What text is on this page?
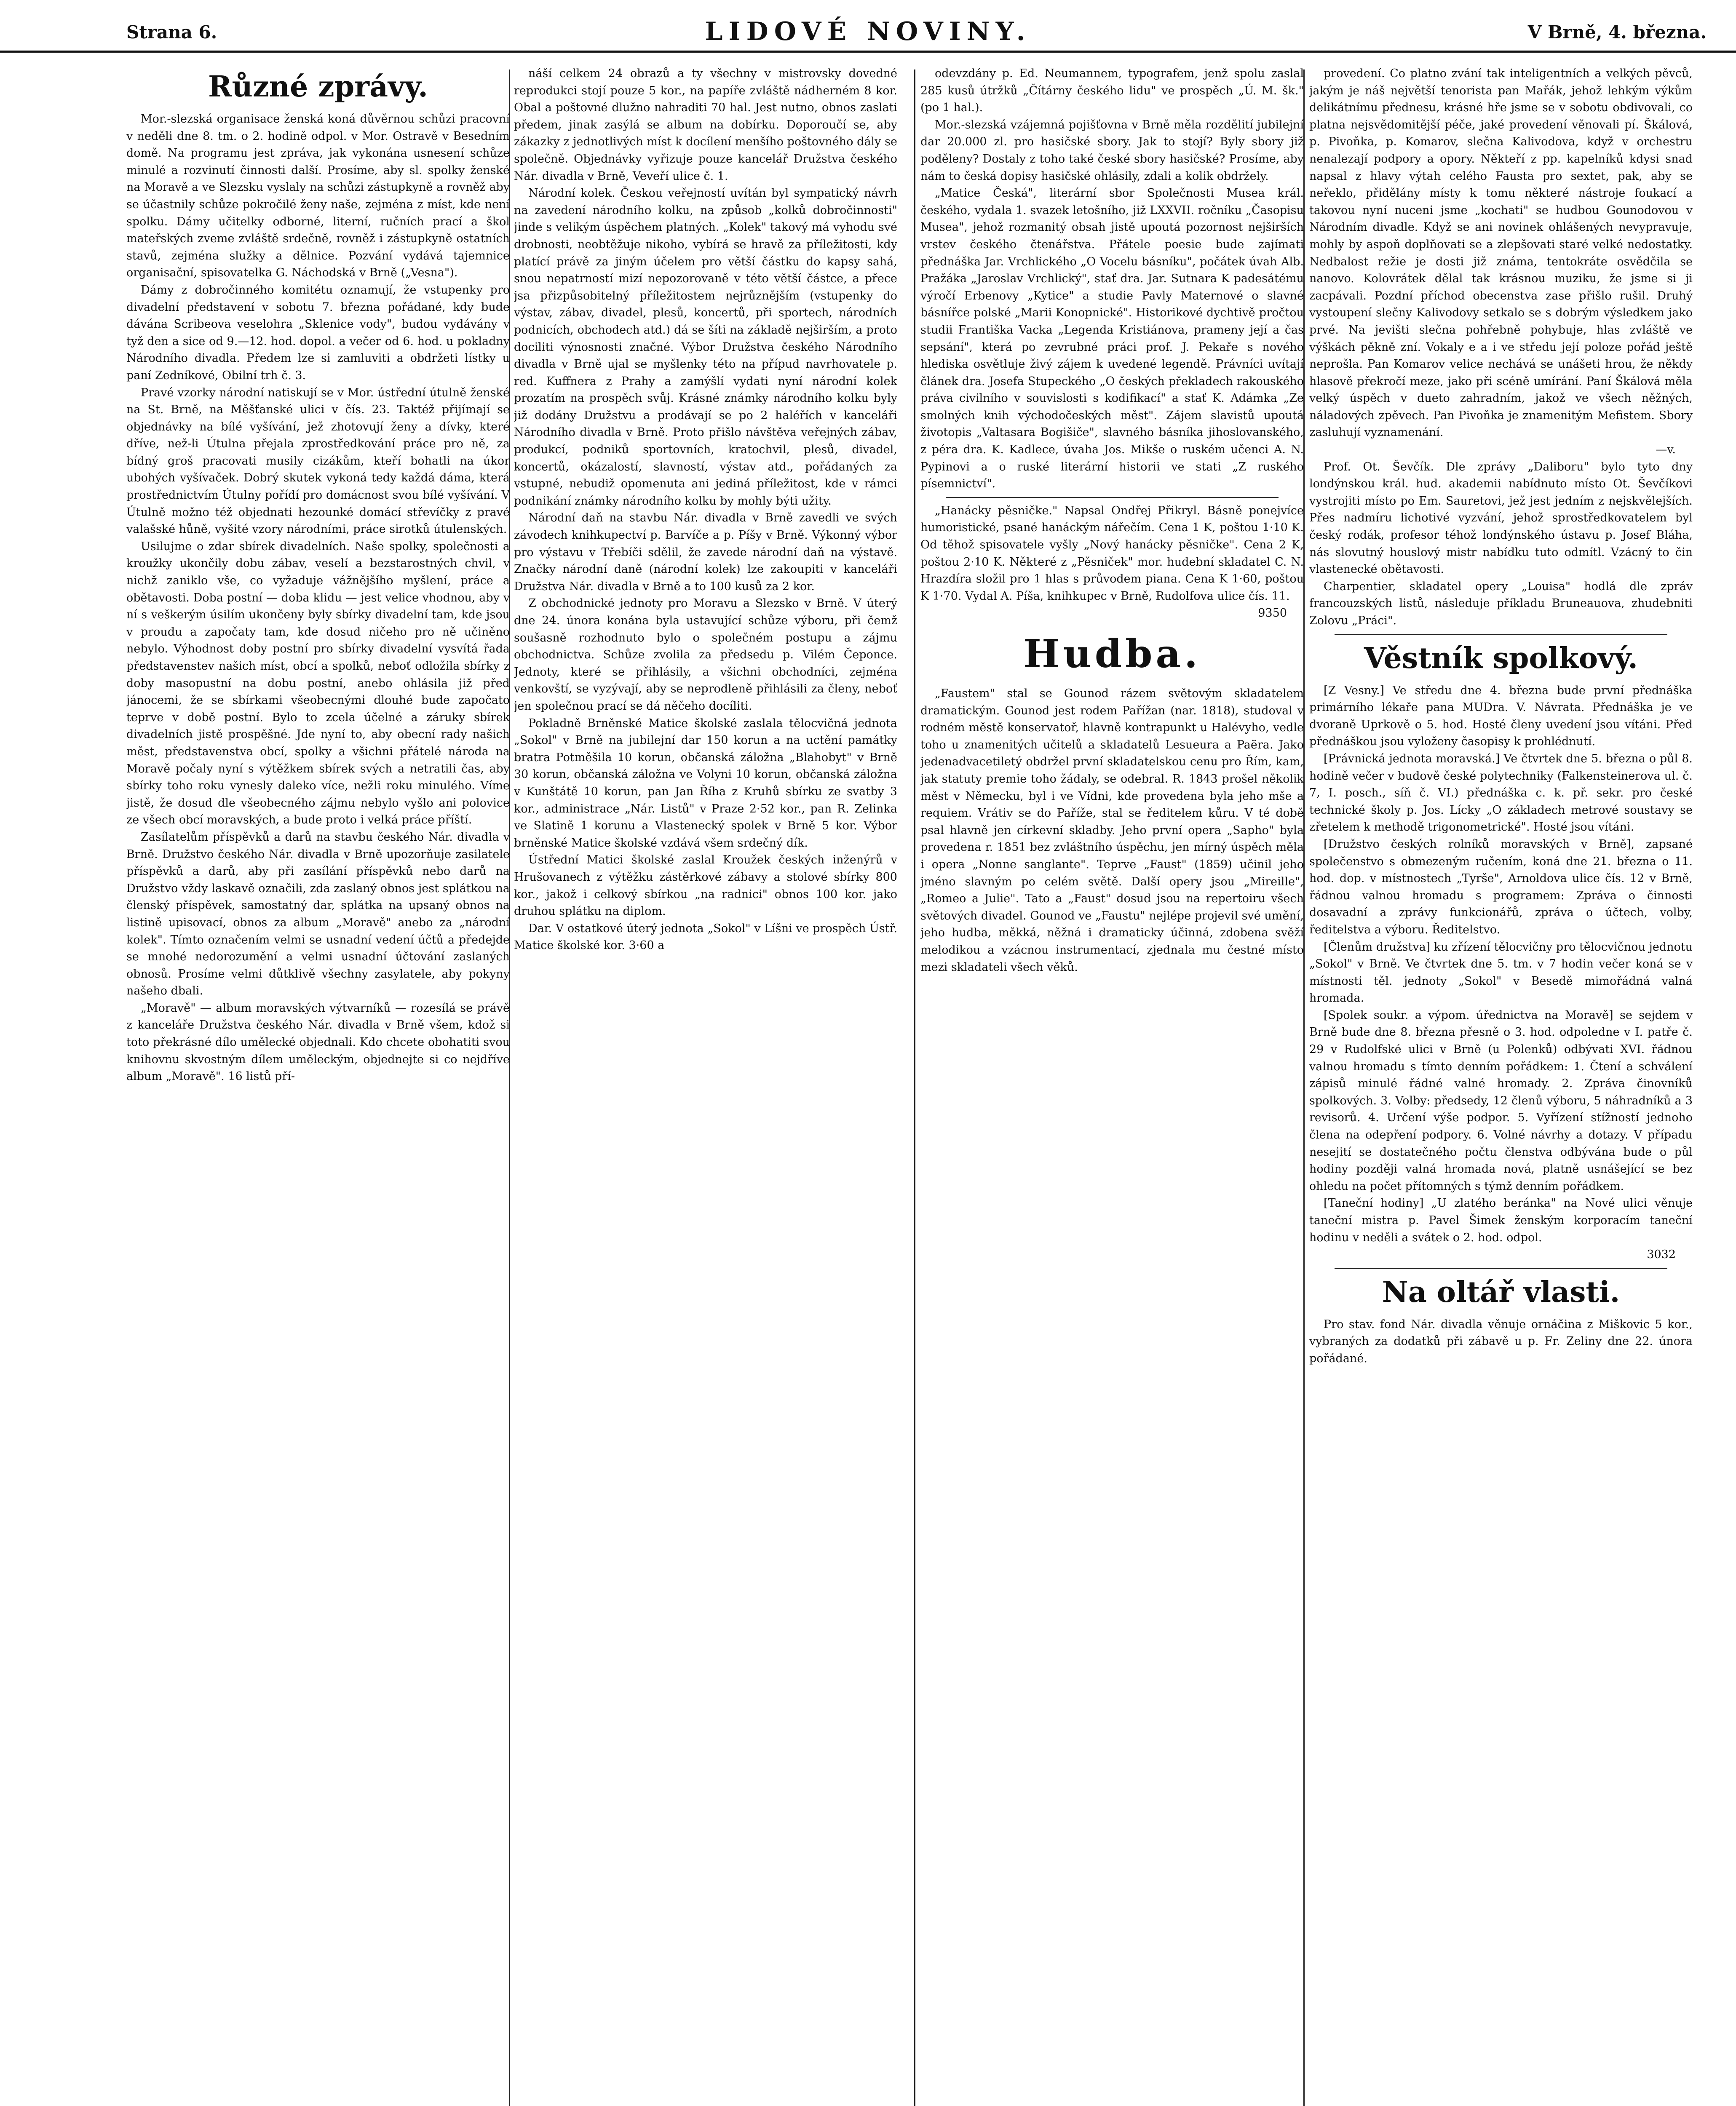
Strana 6.	LIDOVÉ NOVINY.	V Brně, 4. března.
Různé zprávy.

Mor.-slezská organisace ženská koná důvěrnou schůzi pracovní v neděli dne 8. tm. o 2. hodině odpol. v Mor. Ostravě v Besedním domě. Na programu jest zpráva, jak vykonána usnesení schůze minulé a rozvinutí činnosti další. Prosíme, aby sl. spolky ženské na Moravě a ve Slezsku vyslaly na schůzi zástupkyně a rovněž aby se účastnily schůze pokročilé ženy naše, zejména z míst, kde není spolku. Dámy učitelky odborné, literní, ručních prací a škol mateřských zveme zvláště srdečně, rovněž i zástupkyně ostatních stavů, zejména služky a dělnice. Pozvání vydává tajemnice organisační, spisovatelka G. Náchodská v Brně („Vesna").

Dámy z dobročinného komitétu oznamují, že vstupenky pro divadelní představení v sobotu 7. března pořádané, kdy bude dávána Scribeova veselohra „Sklenice vody", budou vydávány v tyž den a sice od 9.—12. hod. dopol. a večer od 6. hod. u pokladny Národního divadla. Předem lze si zamluviti a obdržeti lístky u paní Zedníkové, Obilní trh č. 3.

Pravé vzorky národní natiskují se v Mor. ústřední útulně ženské na St. Brně, na Měšťanské ulici v čís. 23. Taktéž přijímají se objednávky na bílé vyšívání, jež zhotovují ženy a dívky, které dříve, než-li Útulna přejala zprostředkování práce pro ně, za bídný groš pracovati musily cizákům, kteří bohatli na úkor ubohých vyšívaček. Dobrý skutek vykoná tedy každá dáma, která prostřednictvím Útulny pořídí pro domácnost svou bílé vyšívání. V Útulně možno též objednati hezounké domácí střevíčky z pravé valašské hůně, vyšité vzory národními, práce sirotků útulenských.

Usilujme o zdar sbírek divadelních. Naše spolky, společnosti a kroužky ukončily dobu zábav, veselí a bezstarostných chvil, v nichž zaniklo vše, co vyžaduje vážnějšího myšlení, práce a obětavosti. Doba postní — doba klidu — jest velice vhodnou, aby v ní s veškerým úsilím ukončeny byly sbírky divadelní tam, kde jsou v proudu a započaty tam, kde dosud ničeho pro ně učiněno nebylo. Výhodnost doby postní pro sbírky divadelní vysvítá řada představenstev našich míst, obcí a spolků, neboť odložila sbírky z doby masopustní na dobu postní, anebo ohlásila již před jánocemi, že se sbírkami všeobecnými dlouhé bude započato teprve v době postní. Bylo to zcela účelné a záruky sbírek divadelních jistě prospěšné. Jde nyní to, aby obecní rady našich měst, představenstva obcí, spolky a všichni přátelé národa na Moravě počaly nyní s výtěžkem sbírek svých a netratili čas, aby sbírky toho roku vynesly daleko více, nežli roku minulého. Víme jistě, že dosud dle všeobecného zájmu nebylo vyšlo ani polovice ze všech obcí moravských, a bude proto i velká práce příští.

Zasílatelům příspěvků a darů na stavbu českého Nár. divadla v Brně. Družstvo českého Nár. divadla v Brně upozorňuje zasilatele příspěvků a darů, aby při zasílání příspěvků nebo darů na Družstvo vždy laskavě označili, zda zaslaný obnos jest splátkou na členský příspěvek, samostatný dar, splátka na upsaný obnos na listině upisovací, obnos za album „Moravě" anebo za „národní kolek". Tímto označením velmi se usnadní vedení účtů a předejde se mnohé nedorozumění a velmi usnadní účtování zaslaných obnosů. Prosíme velmi důtklivě všechny zasylatele, aby pokyny našeho dbali.

„Moravě" — album moravských výtvarníků — rozesílá se právě z kanceláře Družstva českého Nár. divadla v Brně všem, kdož si toto překrásné dílo umělecké objednali. Kdo chcete obohatiti svou knihovnu skvostným dílem uměleckým, objednejte si co nejdříve album „Moravě". 16 listů pří-

náší celkem 24 obrazů a ty všechny v mistrovsky dovedné reprodukci stojí pouze 5 kor., na papíře zvláště nádherném 8 kor. Obal a poštovné dlužno nahraditi 70 hal. Jest nutno, obnos zaslati předem, jinak zasýlá se album na dobírku. Doporoučí se, aby zákazky z jednotlivých míst k docílení menšího poštovného dály se společně. Objednávky vyřizuje pouze kancelář Družstva českého Nár. divadla v Brně, Veveří ulice č. 1.

Národní kolek. Českou veřejností uvítán byl sympatický návrh na zavedení národního kolku, na způsob „kolků dobročinnosti" jinde s velikým úspěchem platných. „Kolek" takový má vyhodu své drobnosti, neobtěžuje nikoho, vybírá se hravě za příležitosti, kdy platící právě za jiným účelem pro větší částku do kapsy sahá, snou nepatrností mizí nepozorovaně v této větší částce, a přece jsa přizpůsobitelný příležitostem nejrůznějším (vstupenky do výstav, zábav, divadel, plesů, koncertů, při sportech, národních podnicích, obchodech atd.) dá se šíti na základě nejširším, a proto dociliti výnosnosti značné. Výbor Družstva českého Národního divadla v Brně ujal se myšlenky této na přípud navrhovatele p. red. Kuffnera z Prahy a zamýšlí vydati nyní národní kolek prozatím na prospěch svůj. Krásné známky národního kolku byly již dodány Družstvu a prodávají se po 2 haléřích v kanceláři Národního divadla v Brně. Proto přišlo návštěva veřejných zábav, produkcí, podniků sportovních, kratochvil, plesů, divadel, koncertů, okázalostí, slavností, výstav atd., pořádaných za vstupné, nebudiž opomenuta ani jediná příležitost, kde v rámci podnikání známky národního kolku by mohly býti užity.

Národní daň na stavbu Nár. divadla v Brně zavedli ve svých závodech knihkupectví p. Barvíče a p. Píšy v Brně. Výkonný výbor pro výstavu v Třebíči sdělil, že zavede národní daň na výstavě. Značky národní daně (národní kolek) lze zakoupiti v kanceláři Družstva Nár. divadla v Brně a to 100 kusů za 2 kor.

Z obchodnické jednoty pro Moravu a Slezsko v Brně. V úterý dne 24. února konána byla ustavující schůze výboru, při čemž soušasně rozhodnuto bylo o společném postupu a zájmu obchodnictva. Schůze zvolila za předsedu p. Vilém Čeponce. Jednoty, které se přihlásily, a všichni obchodníci, zejména venkovští, se vyzývají, aby se neprodleně přihlásili za členy, neboť jen společnou prací se dá něčeho docíliti.

Pokladně Brněnské Matice školské zaslala tělocvičná jednota „Sokol" v Brně na jubilejní dar 150 korun a na uctění památky bratra Potměšila 10 korun, občanská záložna „Blahobyt" v Brně 30 korun, občanská záložna ve Volyni 10 korun, občanská záložna v Kunštátě 10 korun, pan Jan Říha z Kruhů sbírku ze svatby 3 kor., administrace „Nár. Listů" v Praze 2·52 kor., pan R. Zelinka ve Slatině 1 korunu a Vlastenecký spolek v Brně 5 kor. Výbor brněnské Matice školské vzdává všem srdečný dík.

Ústřední Matici školské zaslal Kroužek českých inženýrů v Hrušovanech z výtěžku zástěrkové zábavy a stolové sbírky 800 kor., jakož i celkový sbírkou „na radnici" obnos 100 kor. jako druhou splátku na diplom.

Dar. V ostatkové úterý jednota „Sokol" v Líšni ve prospěch Ústř. Matice školské kor. 3·60 a

odevzdány p. Ed. Neumannem, typografem, jenž spolu zaslal 285 kusů útržků „Čítárny českého lidu" ve prospěch „Ú. M. šk." (po 1 hal.).

Mor.-slezská vzájemná pojišťovna v Brně měla rozdělití jubilejní dar 20.000 zl. pro hasičské sbory. Jak to stojí? Byly sbory již poděleny? Dostaly z toho také české sbory hasičské? Prosíme, aby nám to česká dopisy hasičské ohlásily, zdali a kolik obdržely.

„Matice Česká", literární sbor Společnosti Musea král. českého, vydala 1. svazek letošního, již LXXVII. ročníku „Časopisu Musea", jehož rozmanitý obsah jistě upoutá pozornost nejširších vrstev českého čtenářstva. Přátele poesie bude zajímati přednáška Jar. Vrchlického „O Vocelu básníku", počátek úvah Alb. Pražáka „Jaroslav Vrchlický", stať dra. Jar. Sutnara K padesátému výročí Erbenovy „Kytice" a studie Pavly Maternové o slavné básnířce polské „Marii Konopnické". Historikové dychtivě pročtou studii Františka Vacka „Legenda Kristiánova, prameny její a čas sepsání", která po zevrubné práci prof. J. Pekaře s nového hlediska osvětluje živý zájem k uvedené legendě. Právníci uvítají článek dra. Josefa Stupeckého „O českých překladech rakouského práva civilního v souvislosti s kodifikací" a stať K. Adámka „Ze smolných knih východočeských měst". Zájem slavistů upoutá životopis „Valtasara Bogišiče", slavného básníka jihoslovanského, z péra dra. K. Kadlece, úvaha Jos. Mikše o ruském učenci A. N. Pypinovi a o ruské literární historii ve stati „Z ruského písemnictví".

„Hanácky pěsničke." Napsal Ondřej Přikryl. Básně ponejvíce humoristické, psané hanáckým nářečím. Cena 1 K, poštou 1·10 K. Od těhož spisovatele vyšly „Nový hanácky pěsničke". Cena 2 K, poštou 2·10 K. Některé z „Pěsniček" mor. hudební skladatel C. N. Hrazdíra složil pro 1 hlas s průvodem piana. Cena K 1·60, poštou K 1·70. Vydal A. Píša, knihkupec v Brně, Rudolfova ulice čís. 11.

9350
Hudba.

„Faustem" stal se Gounod rázem světovým skladatelem dramatickým. Gounod jest rodem Pařížan (nar. 1818), studoval v rodném městě konservatoř, hlavně kontrapunkt u Halévyho, vedle toho u znamenitých učitelů a skladatelů Lesueura a Paëra. Jako jedenadvacetiletý obdržel první skladatelskou cenu pro Řím, kam, jak statuty premie toho žádaly, se odebral. R. 1843 prošel několik měst v Německu, byl i ve Vídni, kde provedena byla jeho mše a requiem. Vrátiv se do Paříže, stal se ředitelem kůru. V té době psal hlavně jen církevní skladby. Jeho první opera „Sapho" byla provedena r. 1851 bez zvláštního úspěchu, jen mírný úspěch měla i opera „Nonne sanglante". Teprve „Faust" (1859) učinil jeho jméno slavným po celém světě. Další opery jsou „Mireille", „Romeo a Julie". Tato a „Faust" dosud jsou na repertoiru všech světových divadel. Gounod ve „Faustu" nejlépe projevil své umění, jeho hudba, měkká, něžná i dramaticky účinná, zdobena svěží melodikou a vzácnou instrumentací, zjednala mu čestné místo mezi skladateli všech věků.

provedení. Co platno zvání tak inteligentních a velkých pěvců, jakým je náš největší tenorista pan Mařák, jehož lehkým výkům delikátnímu přednesu, krásné hře jsme se v sobotu obdivovali, co platna nejsvědomitější péče, jaké provedení věnovali pí. Škálová, p. Pivoňka, p. Komarov, slečna Kalivodova, když v orchestru nenalezají podpory a opory. Někteří z pp. kapelníků kdysi snad napsal z hlavy výtah celého Fausta pro sextet, pak, aby se neřeklo, přidělány místy k tomu některé nástroje foukací a takovou nyní nuceni jsme „kochati" se hudbou Gounodovou v Národním divadle. Když se ani novinek ohlášených nevypravuje, mohly by aspoň doplňovati se a zlepšovati staré velké nedostatky. Nedbalost režie je dosti již známa, tentokráte osvědčila se nanovo. Kolovrátek dělal tak krásnou muziku, že jsme si ji zacpávali. Pozdní příchod obecenstva zase přišlo rušil. Druhý vystoupení slečny Kalivodovy setkalo se s dobrým výsledkem jako prvé. Na jevišti slečna pohřebně pohybuje, hlas zvláště ve výškách pěkně zní. Vokaly e a i ve středu její poloze pořád ještě neprošla. Pan Komarov velice nechává se unášeti hrou, že někdy hlasově překročí meze, jako při scéně umírání. Paní Škálová měla velký úspěch v dueto zahradním, jakož ve všech něžných, náladových zpěvech. Pan Pivoňka je znamenitým Mefistem. Sbory zasluhují vyznamenání.

—v.

Prof. Ot. Ševčík. Dle zprávy „Daliboru" bylo tyto dny londýnskou král. hud. akademii nabídnuto místo Ot. Ševčíkovi vystrojiti místo po Em. Sauretovi, jež jest jedním z nejskvělejších. Přes nadmíru lichotivé vyzvání, jehož sprostředkovatelem byl český rodák, profesor téhož londýnského ústavu p. Josef Bláha, nás slovutný houslový mistr nabídku tuto odmítl. Vzácný to čin vlastenecké obětavosti.

Charpentier, skladatel opery „Louisa" hodlá dle zpráv francouzských listů, následuje příkladu Bruneauova, zhudebniti Zolovu „Práci".

Věstník spolkový.

[Z Vesny.] Ve středu dne 4. března bude první přednáška primárního lékaře pana MUDra. V. Návrata. Přednáška je ve dvoraně Uprkově o 5. hod. Hosté členy uvedení jsou vítáni. Před přednáškou jsou vyloženy časopisy k prohlédnutí.

[Právnická jednota moravská.] Ve čtvrtek dne 5. března o půl 8. hodině večer v budově české polytechniky (Falkensteinerova ul. č. 7, I. posch., síň č. VI.) přednáška c. k. př. sekr. pro české technické školy p. Jos. Lícky „O základech metrové soustavy se zřetelem k methodě trigonometrické". Hosté jsou vítáni.

[Družstvo českých rolníků moravských v Brně], zapsané společenstvo s obmezeným ručením, koná dne 21. března o 11. hod. dop. v místnostech „Tyrše", Arnoldova ulice čís. 12 v Brně, řádnou valnou hromadu s programem: Zpráva o činnosti dosavadní a zprávy funkcionářů, zpráva o účtech, volby, ředitelstva a výboru. Ředitelstvo.

[Členům družstva] ku zřízení tělocvičny pro tělocvičnou jednotu „Sokol" v Brně. Ve čtvrtek dne 5. tm. v 7 hodin večer koná se v místnosti těl. jednoty „Sokol" v Besedě mimořádná valná hromada.

[Spolek soukr. a výpom. úřednictva na Moravě] se sejdem v Brně bude dne 8. března přesně o 3. hod. odpoledne v I. patře č. 29 v Rudolfské ulici v Brně (u Polenků) odbývati XVI. řádnou valnou hromadu s tímto denním pořádkem: 1. Čtení a schválení zápisů minulé řádné valné hromady. 2. Zpráva činovníků spolkových. 3. Volby: předsedy, 12 členů výboru, 5 náhradníků a 3 revisorů. 4. Určení výše podpor. 5. Vyřízení stížností jednoho člena na odepření podpory. 6. Volné návrhy a dotazy. V případu nesejití se dostatečného počtu členstva odbývána bude o půl hodiny později valná hromada nová, platně usnášející se bez ohledu na počet přítomných s týmž denním pořádkem.

[Taneční hodiny] „U zlatého beránka" na Nové ulici věnuje taneční mistra p. Pavel Šimek ženským korporacím taneční hodinu v neděli a svátek o 2. hod. odpol.

3032
Na oltář vlasti.

Pro stav. fond Nár. divadla věnuje ornáčina z Miškovic 5 kor., vybraných za dodatků při zábavě u p. Fr. Zeliny dne 22. února pořádané.
